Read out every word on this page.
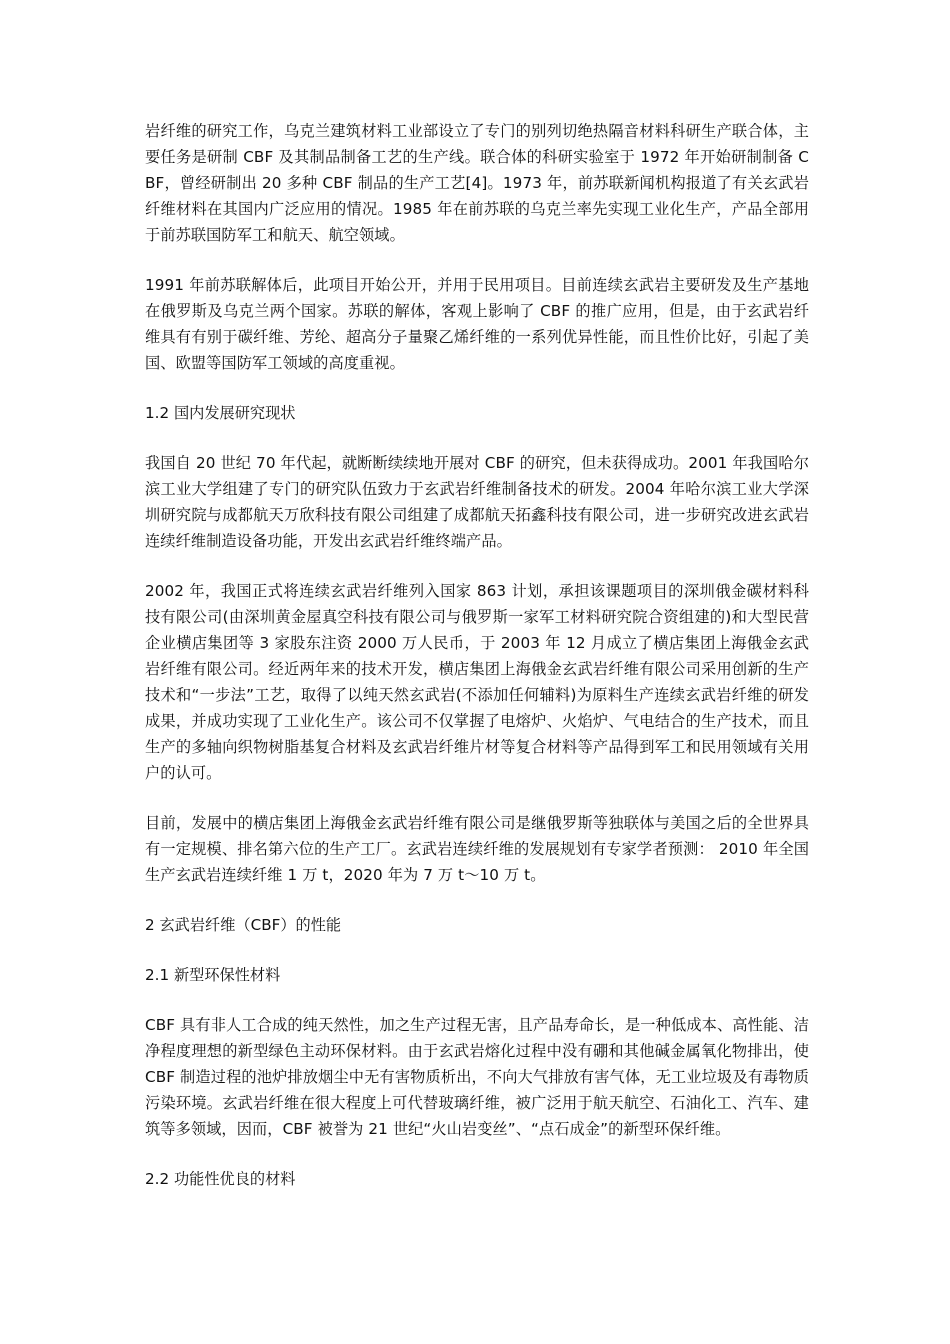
岩纤维的研究工作，乌克兰建筑材料工业部设立了专门的别列切绝热隔音材料科研生产联合体，主要任务是研制 CBF 及其制品制备工艺的生产线。联合体的科研实验室于 1972 年开始研制制备 CBF，曾经研制出 20 多种 CBF 制品的生产工艺[4]。1973 年，前苏联新闻机构报道了有关玄武岩纤维材料在其国内广泛应用的情况。1985 年在前苏联的乌克兰率先实现工业化生产，产品全部用于前苏联国防军工和航天、航空领域。

1991 年前苏联解体后，此项目开始公开，并用于民用项目。目前连续玄武岩主要研发及生产基地在俄罗斯及乌克兰两个国家。苏联的解体，客观上影响了 CBF 的推广应用，但是，由于玄武岩纤维具有有别于碳纤维、芳纶、超高分子量聚乙烯纤维的一系列优异性能，而且性价比好，引起了美国、欧盟等国防军工领域的高度重视。

1.2 国内发展研究现状

我国自 20 世纪 70 年代起，就断断续续地开展对 CBF 的研究，但未获得成功。2001 年我国哈尔滨工业大学组建了专门的研究队伍致力于玄武岩纤维制备技术的研发。2004 年哈尔滨工业大学深圳研究院与成都航天万欣科技有限公司组建了成都航天拓鑫科技有限公司，进一步研究改进玄武岩连续纤维制造设备功能，开发出玄武岩纤维终端产品。

2002 年，我国正式将连续玄武岩纤维列入国家 863 计划，承担该课题项目的深圳俄金碳材料科技有限公司(由深圳黄金屋真空科技有限公司与俄罗斯一家军工材料研究院合资组建的)和大型民营企业横店集团等 3 家股东注资 2000 万人民币，于 2003 年 12 月成立了横店集团上海俄金玄武岩纤维有限公司。经近两年来的技术开发，横店集团上海俄金玄武岩纤维有限公司采用创新的生产技术和“一步法”工艺，取得了以纯天然玄武岩(不添加任何辅料)为原料生产连续玄武岩纤维的研发成果，并成功实现了工业化生产。该公司不仅掌握了电熔炉、火焰炉、气电结合的生产技术，而且生产的多轴向织物树脂基复合材料及玄武岩纤维片材等复合材料等产品得到军工和民用领域有关用户的认可。

目前，发展中的横店集团上海俄金玄武岩纤维有限公司是继俄罗斯等独联体与美国之后的全世界具有一定规模、排名第六位的生产工厂。玄武岩连续纤维的发展规划有专家学者预测： 2010 年全国生产玄武岩连续纤维 1 万 t，2020 年为 7 万 t～10 万 t。

2 玄武岩纤维（CBF）的性能

2.1 新型环保性材料

CBF 具有非人工合成的纯天然性，加之生产过程无害，且产品寿命长，是一种低成本、高性能、洁净程度理想的新型绿色主动环保材料。由于玄武岩熔化过程中没有硼和其他碱金属氧化物排出，使 CBF 制造过程的池炉排放烟尘中无有害物质析出，不向大气排放有害气体，无工业垃圾及有毒物质污染环境。玄武岩纤维在很大程度上可代替玻璃纤维，被广泛用于航天航空、石油化工、汽车、建筑等多领域，因而，CBF 被誉为 21 世纪“火山岩变丝”、“点石成金”的新型环保纤维。

2.2 功能性优良的材料
